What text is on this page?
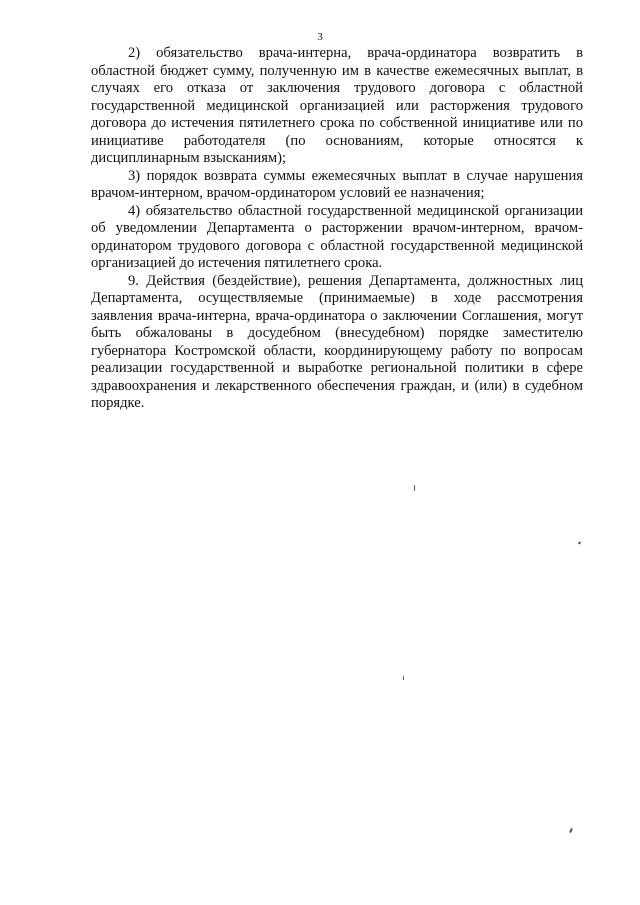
3

2) обязательство врача-интерна, врача-ординатора возвратить в областной бюджет сумму, полученную им в качестве ежемесячных выплат, в случаях его отказа от заключения трудового договора с областной государственной медицинской организацией или расторжения трудового договора до истечения пятилетнего срока по собственной инициативе или по инициативе работодателя (по основаниям, которые относятся к дисциплинарным взысканиям);

3) порядок возврата суммы ежемесячных выплат в случае нарушения врачом-интерном, врачом-ординатором условий ее назначения;

4) обязательство областной государственной медицинской организации об уведомлении Департамента о расторжении врачом-интерном, врачом-ординатором трудового договора с областной государственной медицинской организацией до истечения пятилетнего срока.

9. Действия (бездействие), решения Департамента, должностных лиц Департамента, осуществляемые (принимаемые) в ходе рассмотрения заявления врача-интерна, врача-ординатора о заключении Соглашения, могут быть обжалованы в досудебном (внесудебном) порядке заместителю губернатора Костромской области, координирующему работу по вопросам реализации государственной и выработке региональной политики в сфере здравоохранения и лекарственного обеспечения граждан, и (или) в судебном порядке.
